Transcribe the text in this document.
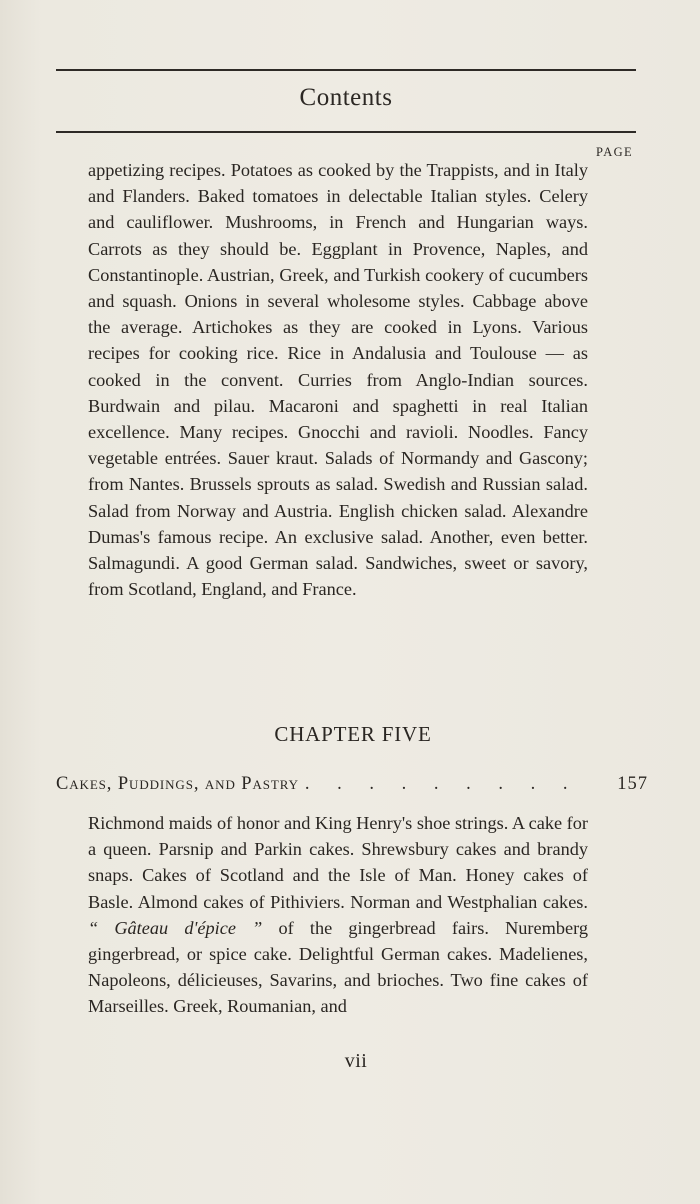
Contents
PAGE

appetizing recipes. Potatoes as cooked by the Trappists, and in Italy and Flanders. Baked tomatoes in delectable Italian styles. Celery and cauliflower. Mushrooms, in French and Hungarian ways. Carrots as they should be. Eggplant in Provence, Naples, and Constantinople. Austrian, Greek, and Turkish cookery of cucumbers and squash. Onions in several wholesome styles. Cabbage above the average. Artichokes as they are cooked in Lyons. Various recipes for cooking rice. Rice in Andalusia and Toulouse — as cooked in the convent. Curries from Anglo-Indian sources. Burdwain and pilau. Macaroni and spaghetti in real Italian excellence. Many recipes. Gnocchi and ravioli. Noodles. Fancy vegetable entrées. Sauer kraut. Salads of Normandy and Gascony; from Nantes. Brussels sprouts as salad. Swedish and Russian salad. Salad from Norway and Austria. English chicken salad. Alexandre Dumas's famous recipe. An exclusive salad. Another, even better. Salmagundi. A good German salad. Sandwiches, sweet or savory, from Scotland, England, and France.

CHAPTER FIVE
Cakes, Puddings, and Pastry . . . . . . . . .	157

Richmond maids of honor and King Henry's shoe strings. A cake for a queen. Parsnip and Parkin cakes. Shrewsbury cakes and brandy snaps. Cakes of Scotland and the Isle of Man. Honey cakes of Basle. Almond cakes of Pithiviers. Norman and Westphalian cakes. “ Gâteau d'épice ” of the gingerbread fairs. Nuremberg gingerbread, or spice cake. Delightful German cakes. Madelienes, Napoleons, délicieuses, Savarins, and brioches. Two fine cakes of Marseilles. Greek, Roumanian, and

vii
